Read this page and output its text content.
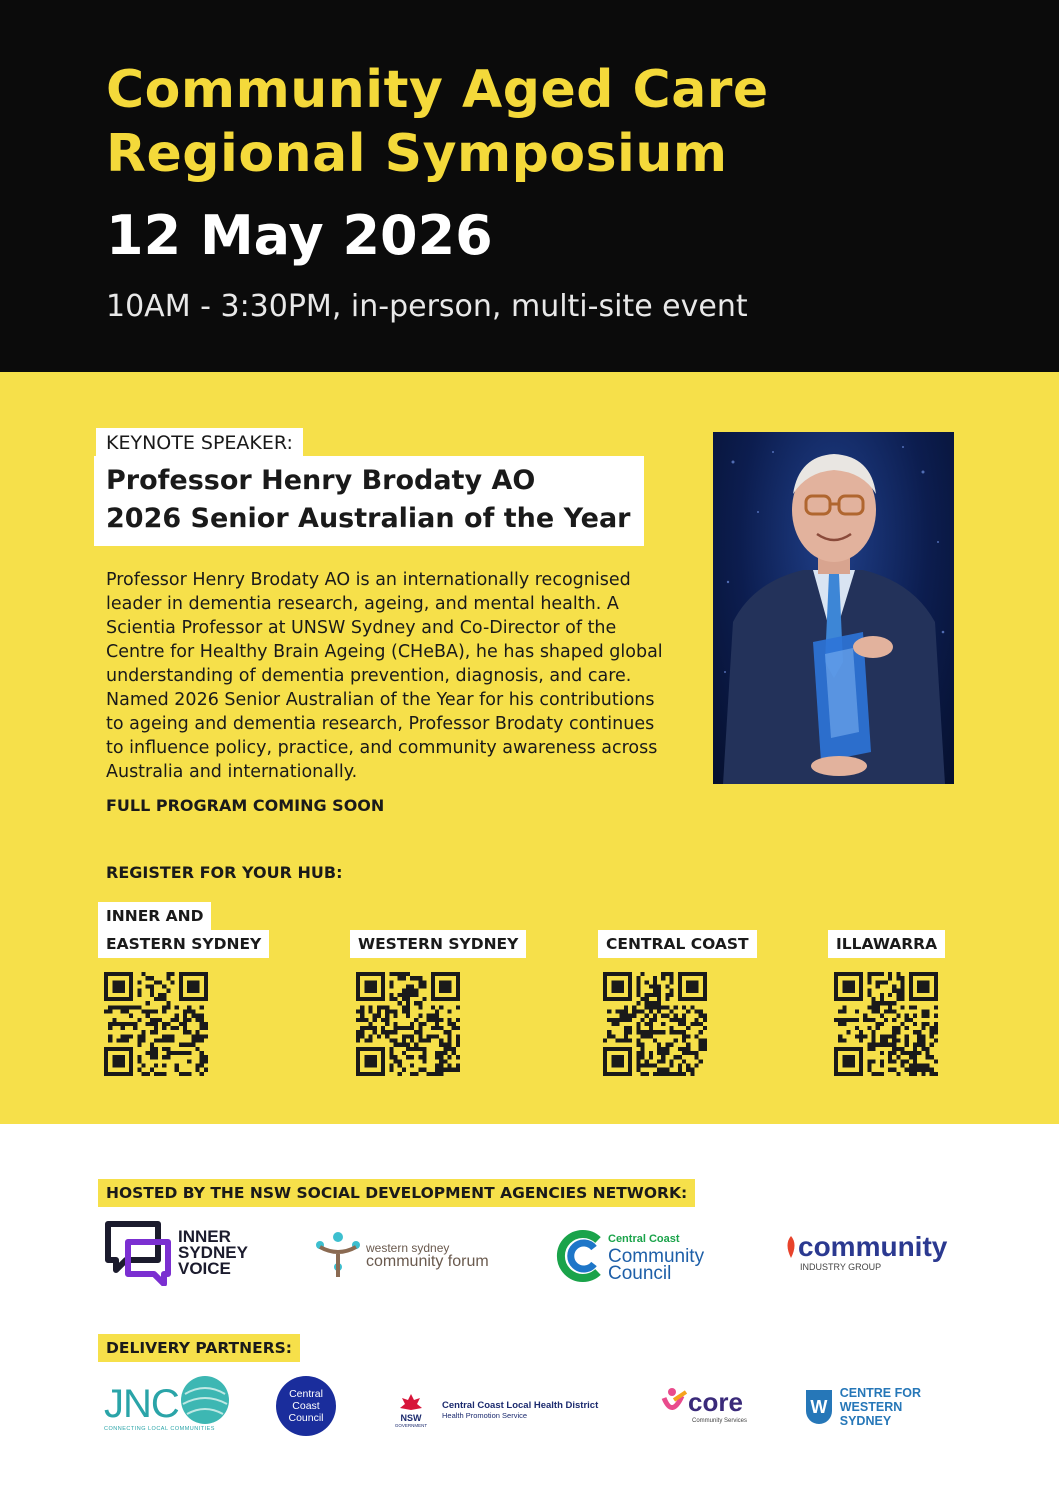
Community Aged Care
Regional Symposium
12 May 2026
10AM - 3:30PM, in-person, multi-site event
KEYNOTE SPEAKER:
Professor Henry Brodaty AO
2026 Senior Australian of the Year
Professor Henry Brodaty AO is an internationally recognised leader in dementia research, ageing, and mental health. A Scientia Professor at UNSW Sydney and Co-Director of the Centre for Healthy Brain Ageing (CHeBA), he has shaped global understanding of dementia prevention, diagnosis, and care. Named 2026 Senior Australian of the Year for his contributions to ageing and dementia research, Professor Brodaty continues to influence policy, practice, and community awareness across Australia and internationally.
FULL PROGRAM COMING SOON
REGISTER FOR YOUR HUB:
INNER AND
EASTERN SYDNEY	WESTERN SYDNEY	CENTRAL COAST	ILLAWARRA
HOSTED BY THE NSW SOCIAL DEVELOPMENT AGENCIES NETWORK:
INNER
SYDNEY
VOICE
western sydney
community forum
Central Coast
Community
Council
community
INDUSTRY GROUP
DELIVERY PARTNERS:
JNC
CONNECTING LOCAL COMMUNITIES
Central
Coast
Council	NSW
GOVERNMENT
Central Coast Local Health District
Health Promotion Service	core
Community Services
W
CENTRE FOR
WESTERN SYDNEY
